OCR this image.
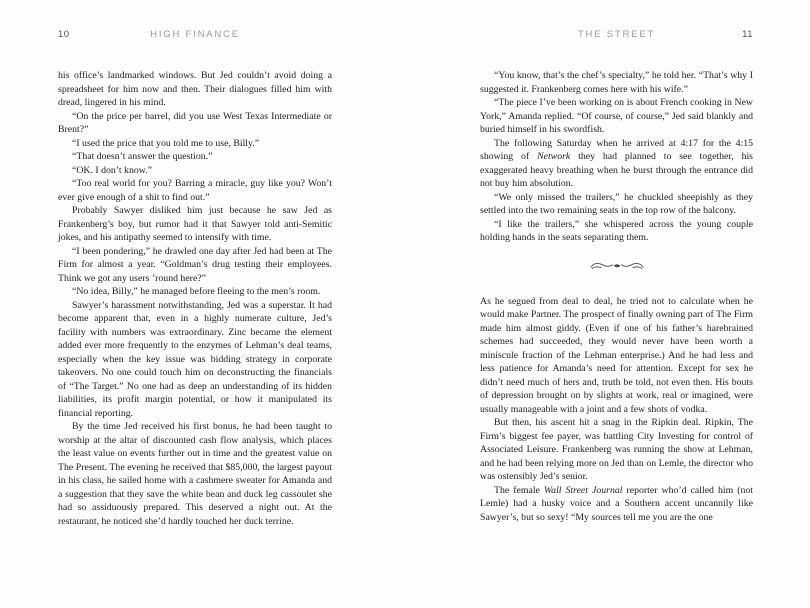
10	HIGH FINANCE

his office’s landmarked windows. But Jed couldn’t avoid doing a spreadsheet for him now and then. Their dialogues filled him with dread, lingered in his mind.

“On the price per barrel, did you use West Texas Intermediate or Brent?”

“I used the price that you told me to use, Billy.”

“That doesn’t answer the question.”

“OK. I don’t know.”

“Too real world for you? Barring a miracle, guy like you? Won’t ever give enough of a shit to find out.”

Probably Sawyer disliked him just because he saw Jed as Frankenberg’s boy, but rumor had it that Sawyer told anti-Semitic jokes, and his antipathy seemed to intensify with time.

“I been pondering,” he drawled one day after Jed had been at The Firm for almost a year. “Goldman’s drug testing their employees. Think we got any users ’round here?”

“No idea, Billy,” he managed before fleeing to the men’s room.

Sawyer’s harassment notwithstanding, Jed was a superstar. It had become apparent that, even in a highly numerate culture, Jed’s facility with numbers was extraordinary. Zinc became the element added ever more frequently to the enzymes of Lehman’s deal teams, especially when the key issue was bidding strategy in corporate takeovers. No one could touch him on deconstructing the financials of “The Target.” No one had as deep an understanding of its hidden liabilities, its profit margin potential, or how it manipulated its financial reporting.

By the time Jed received his first bonus, he had been taught to worship at the altar of discounted cash flow analysis, which places the least value on events further out in time and the greatest value on The Present. The evening he received that $85,000, the largest payout in his class, he sailed home with a cashmere sweater for Amanda and a suggestion that they save the white bean and duck leg cassoulet she had so assiduously prepared. This deserved a night out. At the restaurant, he noticed she’d hardly touched her duck terrine.

THE STREET	11

“You know, that’s the chef’s specialty,” he told her. “That’s why I suggested it. Frankenberg comes here with his wife.”

“The piece I’ve been working on is about French cooking in New York,” Amanda replied. “Of course, of course,” Jed said blankly and buried himself in his swordfish.

The following Saturday when he arrived at 4:17 for the 4:15 showing of Network they had planned to see together, his exaggerated heavy breathing when he burst through the entrance did not buy him absolution.

“We only missed the trailers,” he chuckled sheepishly as they settled into the two remaining seats in the top row of the balcony.

“I like the trailers,” she whispered across the young couple holding hands in the seats separating them.

As he segued from deal to deal, he tried not to calculate when he would make Partner. The prospect of finally owning part of The Firm made him almost giddy. (Even if one of his father’s harebrained schemes had succeeded, they would never have been worth a miniscule fraction of the Lehman enterprise.) And he had less and less patience for Amanda’s need for attention. Except for sex he didn’t need much of hers and, truth be told, not even then. His bouts of depression brought on by slights at work, real or imagined, were usually manageable with a joint and a few shots of vodka.

But then, his ascent hit a snag in the Ripkin deal. Ripkin, The Firm’s biggest fee payer, was battling City Investing for control of Associated Leisure. Frankenberg was running the show at Lehman, and he had been relying more on Jed than on Lemle, the director who was ostensibly Jed’s senior.

The female Wall Street Journal reporter who’d called him (not Lemle) had a husky voice and a Southern accent uncannily like Sawyer’s, but so sexy! “My sources tell me you are the one
